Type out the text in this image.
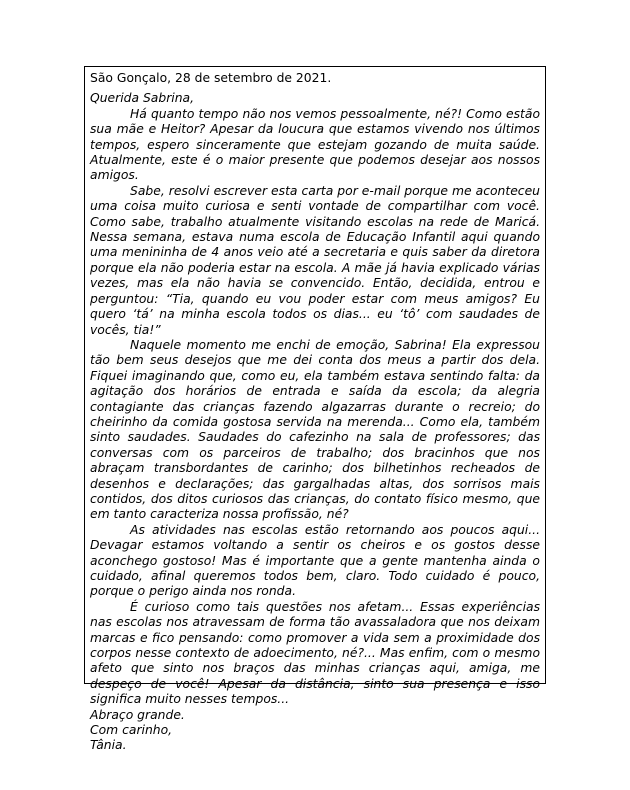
São Gonçalo, 28 de setembro de 2021.

Querida Sabrina,

Há quanto tempo não nos vemos pessoalmente, né?! Como estão sua mãe e Heitor? Apesar da loucura que estamos vivendo nos últimos tempos, espero sinceramente que estejam gozando de muita saúde. Atualmente, este é o maior presente que podemos desejar aos nossos amigos.

Sabe, resolvi escrever esta carta por e-mail porque me aconteceu uma coisa muito curiosa e senti vontade de compartilhar com você. Como sabe, trabalho atualmente visitando escolas na rede de Maricá. Nessa semana, estava numa escola de Educação Infantil aqui quando uma menininha de 4 anos veio até a secretaria e quis saber da diretora porque ela não poderia estar na escola. A mãe já havia explicado várias vezes, mas ela não havia se convencido. Então, decidida, entrou e perguntou: “Tia, quando eu vou poder estar com meus amigos? Eu quero ‘tá’ na minha escola todos os dias... eu ‘tô’ com saudades de vocês, tia!”

Naquele momento me enchi de emoção, Sabrina! Ela expressou tão bem seus desejos que me dei conta dos meus a partir dos dela. Fiquei imaginando que, como eu, ela também estava sentindo falta: da agitação dos horários de entrada e saída da escola; da alegria contagiante das crianças fazendo algazarras durante o recreio; do cheirinho da comida gostosa servida na merenda... Como ela, também sinto saudades. Saudades do cafezinho na sala de professores; das conversas com os parceiros de trabalho; dos bracinhos que nos abraçam transbordantes de carinho; dos bilhetinhos recheados de desenhos e declarações; das gargalhadas altas, dos sorrisos mais contidos, dos ditos curiosos das crianças, do contato físico mesmo, que em tanto caracteriza nossa profissão, né?

As atividades nas escolas estão retornando aos poucos aqui... Devagar estamos voltando a sentir os cheiros e os gostos desse aconchego gostoso! Mas é importante que a gente mantenha ainda o cuidado, afinal queremos todos bem, claro. Todo cuidado é pouco, porque o perigo ainda nos ronda.

É curioso como tais questões nos afetam... Essas experiências nas escolas nos atravessam de forma tão avassaladora que nos deixam marcas e fico pensando: como promover a vida sem a proximidade dos corpos nesse contexto de adoecimento, né?... Mas enfim, com o mesmo afeto que sinto nos braços das minhas crianças aqui, amiga, me despeço de você! Apesar da distância, sinto sua presença e isso significa muito nesses tempos...

Abraço grande.

Com carinho,

Tânia.
